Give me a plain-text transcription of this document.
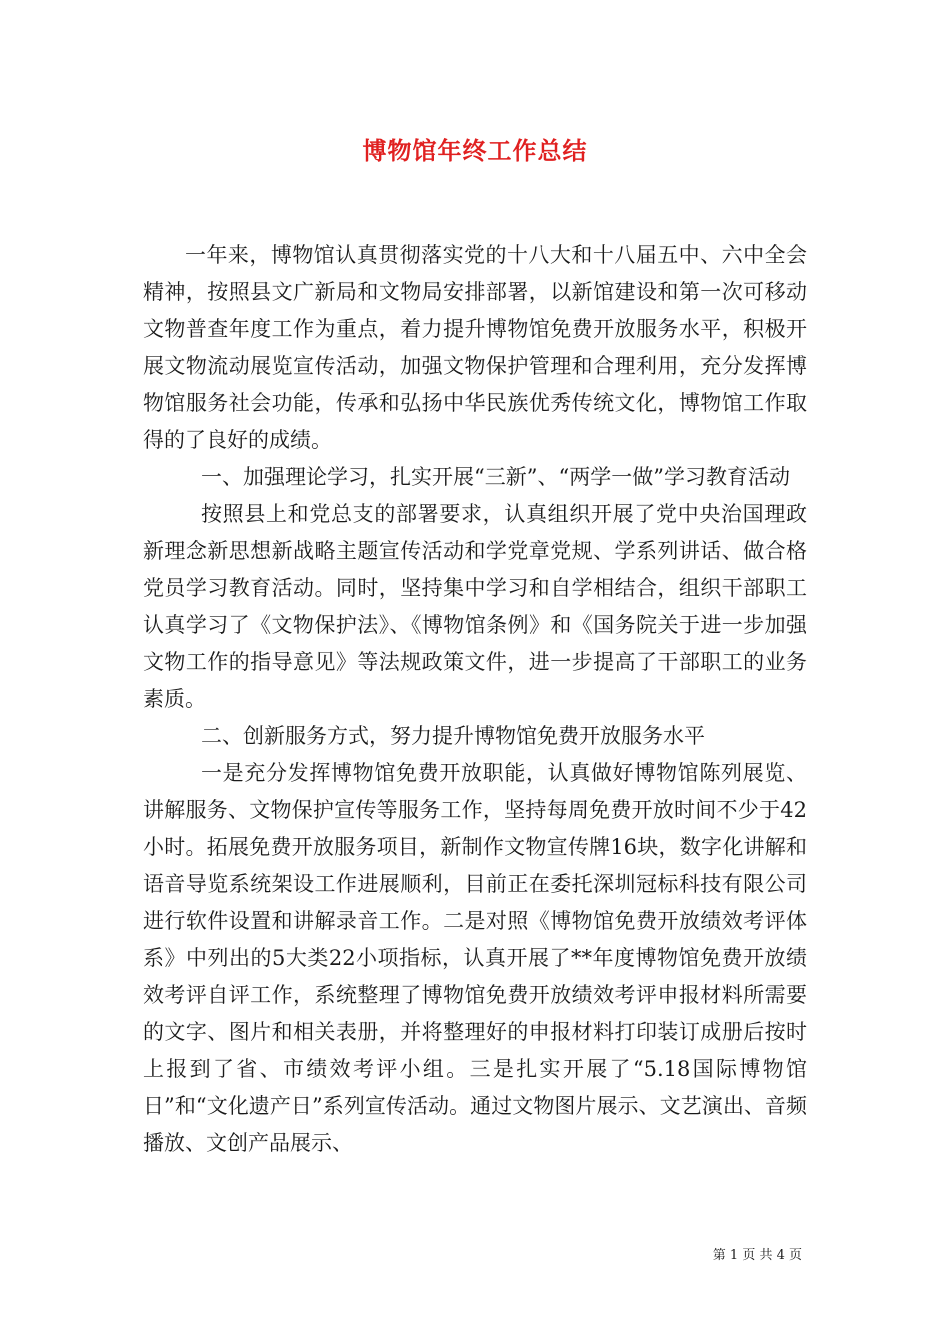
博物馆年终工作总结

一年来，博物馆认真贯彻落实党的十八大和十八届五中、六中全会精神，按照县文广新局和文物局安排部署，以新馆建设和第一次可移动文物普查年度工作为重点，着力提升博物馆免费开放服务水平，积极开展文物流动展览宣传活动，加强文物保护管理和合理利用，充分发挥博物馆服务社会功能，传承和弘扬中华民族优秀传统文化，博物馆工作取得的了良好的成绩。

一、加强理论学习，扎实开展“三新”、“两学一做”学习教育活动

按照县上和党总支的部署要求，认真组织开展了党中央治国理政新理念新思想新战略主题宣传活动和学党章党规、学系列讲话、做合格党员学习教育活动。同时，坚持集中学习和自学相结合，组织干部职工认真学习了《文物保护法》、《博物馆条例》和《国务院关于进一步加强文物工作的指导意见》等法规政策文件，进一步提高了干部职工的业务素质。

二、创新服务方式，努力提升博物馆免费开放服务水平

一是充分发挥博物馆免费开放职能，认真做好博物馆陈列展览、讲解服务、文物保护宣传等服务工作，坚持每周免费开放时间不少于42小时。拓展免费开放服务项目，新制作文物宣传牌16块，数字化讲解和语音导览系统架设工作进展顺利，目前正在委托深圳冠标科技有限公司进行软件设置和讲解录音工作。二是对照《博物馆免费开放绩效考评体系》中列出的5大类22小项指标，认真开展了**年度博物馆免费开放绩效考评自评工作，系统整理了博物馆免费开放绩效考评申报材料所需要的文字、图片和相关表册，并将整理好的申报材料打印装订成册后按时上报到了省、市绩效考评小组。三是扎实开展了“5.18国际博物馆日”和“文化遗产日”系列宣传活动。通过文物图片展示、文艺演出、音频播放、文创产品展示、

第 1 页 共 4 页
